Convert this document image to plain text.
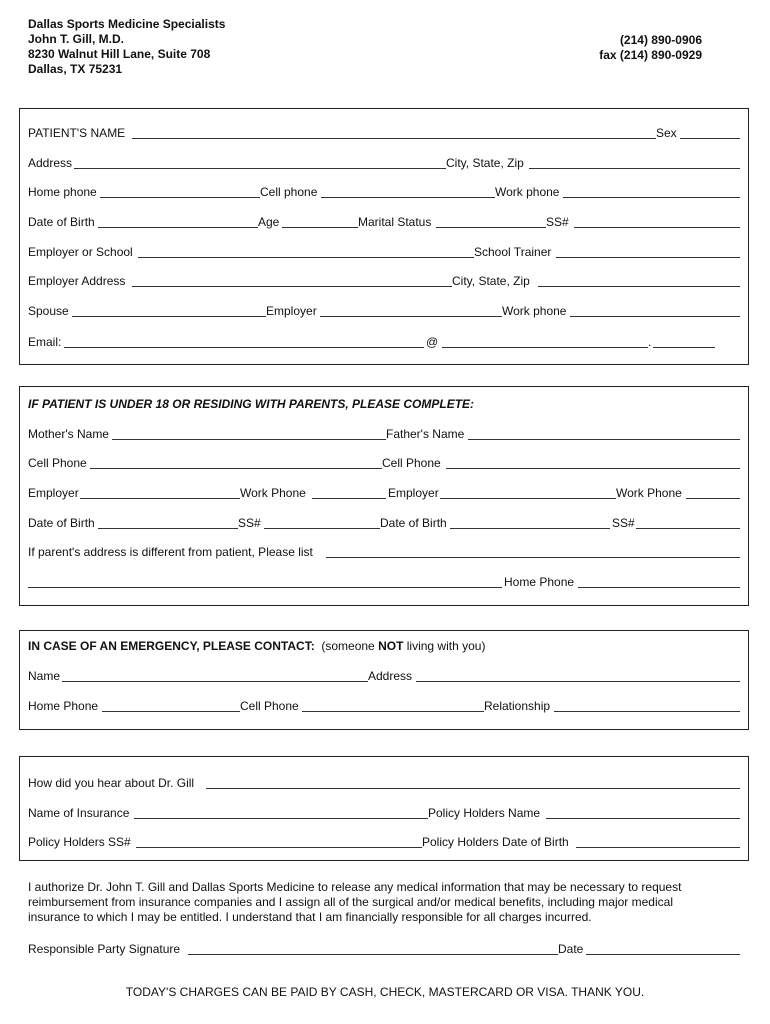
Dallas Sports Medicine Specialists
John T. Gill, M.D.
8230 Walnut Hill Lane, Suite 708
Dallas, TX 75231
(214) 890-0906
fax (214) 890-0929
PATIENT'S NAME	Sex
Address	City, State, Zip
Home phone	Cell phone	Work phone
Date of Birth	Age	Marital Status	SS#
Employer or School	School Trainer
Employer Address	City, State, Zip
Spouse	Employer	Work phone
Email:	@	.
IF PATIENT IS UNDER 18 OR RESIDING WITH PARENTS, PLEASE COMPLETE:
Mother's Name	Father's Name
Cell Phone	Cell Phone
Employer	Work Phone	Employer	Work Phone
Date of Birth	SS#	Date of Birth	SS#
If parent's address is different from patient, Please list
Home Phone
IN CASE OF AN EMERGENCY, PLEASE CONTACT: (someone NOT living with you)
Name	Address
Home Phone	Cell Phone	Relationship
How did you hear about Dr. Gill
Name of Insurance	Policy Holders Name
Policy Holders SS#	Policy Holders Date of Birth
I authorize Dr. John T. Gill and Dallas Sports Medicine to release any medical information that may be necessary to request reimbursement from insurance companies and I assign all of the surgical and/or medical benefits, including major medical insurance to which I may be entitled. I understand that I am financially responsible for all charges incurred.
Responsible Party Signature	Date
TODAY'S CHARGES CAN BE PAID BY CASH, CHECK, MASTERCARD OR VISA. THANK YOU.
